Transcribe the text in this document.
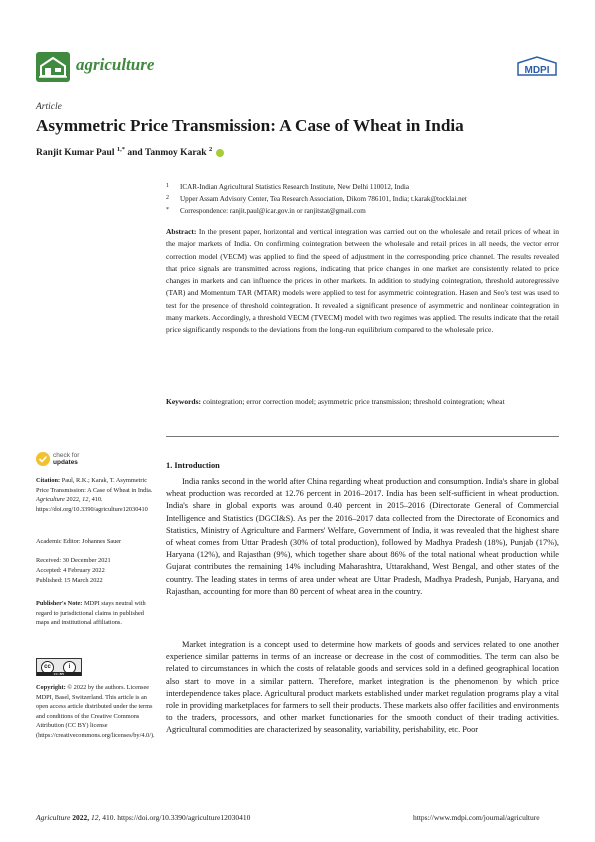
agriculture	MDPI
Article
Asymmetric Price Transmission: A Case of Wheat in India
Ranjit Kumar Paul $^{1,*}$ and Tanmoy Karak $^2$
1	ICAR-Indian Agricultural Statistics Research Institute, New Delhi 110012, India
2	Upper Assam Advisory Center, Tea Research Association, Dikom 786101, India; t.karak@tocklai.net
*	Correspondence: ranjit.paul@icar.gov.in or ranjitstat@gmail.com
Abstract: In the present paper, horizontal and vertical integration was carried out on the wholesale and retail prices of wheat in the major markets of India. On confirming cointegration between the wholesale and retail prices in all needs, the vector error correction model (VECM) was applied to find the speed of adjustment in the corresponding price channel. The results revealed that price signals are transmitted across regions, indicating that price changes in one market are consistently related to price changes in markets and can influence the prices in other markets. In addition to studying cointegration, threshold autoregressive (TAR) and Momentum TAR (MTAR) models were applied to test for asymmetric cointegration. Hasen and Seo's test was used to test for the presence of threshold cointegration. It revealed a significant presence of asymmetric and nonlinear cointegration in many markets. Accordingly, a threshold VECM (TVECM) model with two regimes was applied. The results indicate that the retail price significantly responds to the deviations from the long-run equilibrium compared to the wholesale price.
Keywords: cointegration; error correction model; asymmetric price transmission; threshold cointegration; wheat
check for
updates
Citation: Paul, R.K.; Karak, T. Asymmetric Price Transmission: A Case of Wheat in India. Agriculture 2022, 12, 410. https://doi.org/10.3390/agriculture12030410
Academic Editor: Johannes Sauer
Received: 30 December 2021
Accepted: 4 February 2022
Published: 15 March 2022
Publisher's Note: MDPI stays neutral with regard to jurisdictional claims in published maps and institutional affiliations.
cc	i
CC BY
Copyright: © 2022 by the authors. Licensee MDPI, Basel, Switzerland. This article is an open access article distributed under the terms and conditions of the Creative Commons Attribution (CC BY) license (https://creativecommons.org/licenses/by/4.0/).
1. Introduction
India ranks second in the world after China regarding wheat production and consumption. India's share in global wheat production was recorded at 12.76 percent in 2016–2017. India has been self-sufficient in wheat production. India's share in global exports was around 0.40 percent in 2015–2016 (Directorate General of Commercial Intelligence and Statistics (DGCI&S). As per the 2016–2017 data collected from the Directorate of Economics and Statistics, Ministry of Agriculture and Farmers' Welfare, Government of India, it was revealed that the highest share of wheat comes from Uttar Pradesh (30% of total production), followed by Madhya Pradesh (18%), Punjab (17%), Haryana (12%), and Rajasthan (9%), which together share about 86% of the total national wheat production while Gujarat contributes the remaining 14% including Maharashtra, Uttarakhand, West Bengal, and other states of the country. The leading states in terms of area under wheat are Uttar Pradesh, Madhya Pradesh, Punjab, Haryana, and Rajasthan, accounting for more than 80 percent of wheat area in the country.
Market integration is a concept used to determine how markets of goods and services related to one another experience similar patterns in terms of an increase or decrease in the cost of commodities. The term can also be related to circumstances in which the costs of relatable goods and services sold in a defined geographical location also start to move in a similar pattern. Therefore, market integration is the phenomenon by which price interdependence takes place. Agricultural product markets established under market regulation programs play a vital role in providing marketplaces for farmers to sell their products. These markets also offer facilities and environments to the traders, processors, and other market functionaries for the smooth conduct of their trading activities. Agricultural commodities are characterized by seasonality, variability, perishability, etc. Poor
Agriculture 2022, 12, 410. https://doi.org/10.3390/agriculture12030410	https://www.mdpi.com/journal/agriculture
